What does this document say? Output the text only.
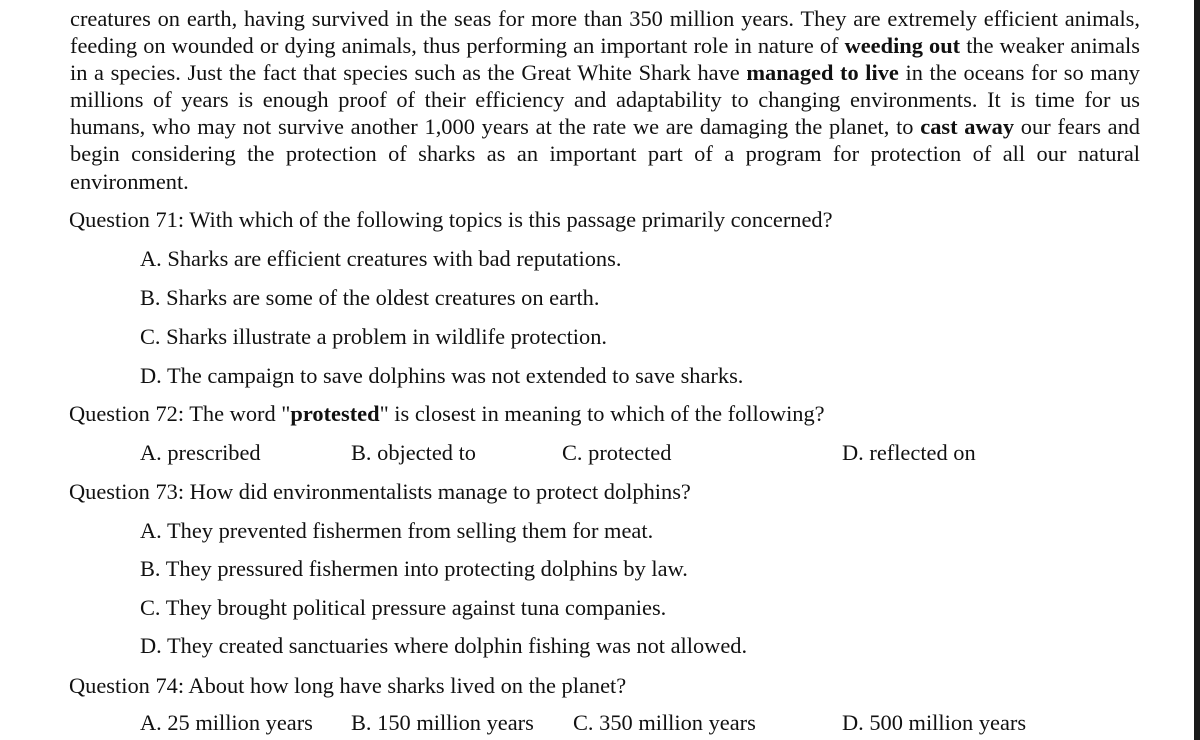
creatures on earth, having survived in the seas for more than 350 million years. They are extremely efficient animals, feeding on wounded or dying animals, thus performing an important role in nature of weeding out the weaker animals in a species. Just the fact that species such as the Great White Shark have managed to live in the oceans for so many millions of years is enough proof of their efficiency and adaptability to changing environments. It is time for us humans, who may not survive another 1,000 years at the rate we are damaging the planet, to cast away our fears and begin considering the protection of sharks as an important part of a program for protection of all our natural environment.

Question 71: With which of the following topics is this passage primarily concerned?
A. Sharks are efficient creatures with bad reputations.
B. Sharks are some of the oldest creatures on earth.
C. Sharks illustrate a problem in wildlife protection.
D. The campaign to save dolphins was not extended to save sharks.
Question 72: The word "protested" is closest in meaning to which of the following?
A. prescribed	B. objected to	C. protected	D. reflected on
Question 73: How did environmentalists manage to protect dolphins?
A. They prevented fishermen from selling them for meat.
B. They pressured fishermen into protecting dolphins by law.
C. They brought political pressure against tuna companies.
D. They created sanctuaries where dolphin fishing was not allowed.
Question 74: About how long have sharks lived on the planet?
A. 25 million years B. 150 million years C. 350 million years	D. 500 million years
